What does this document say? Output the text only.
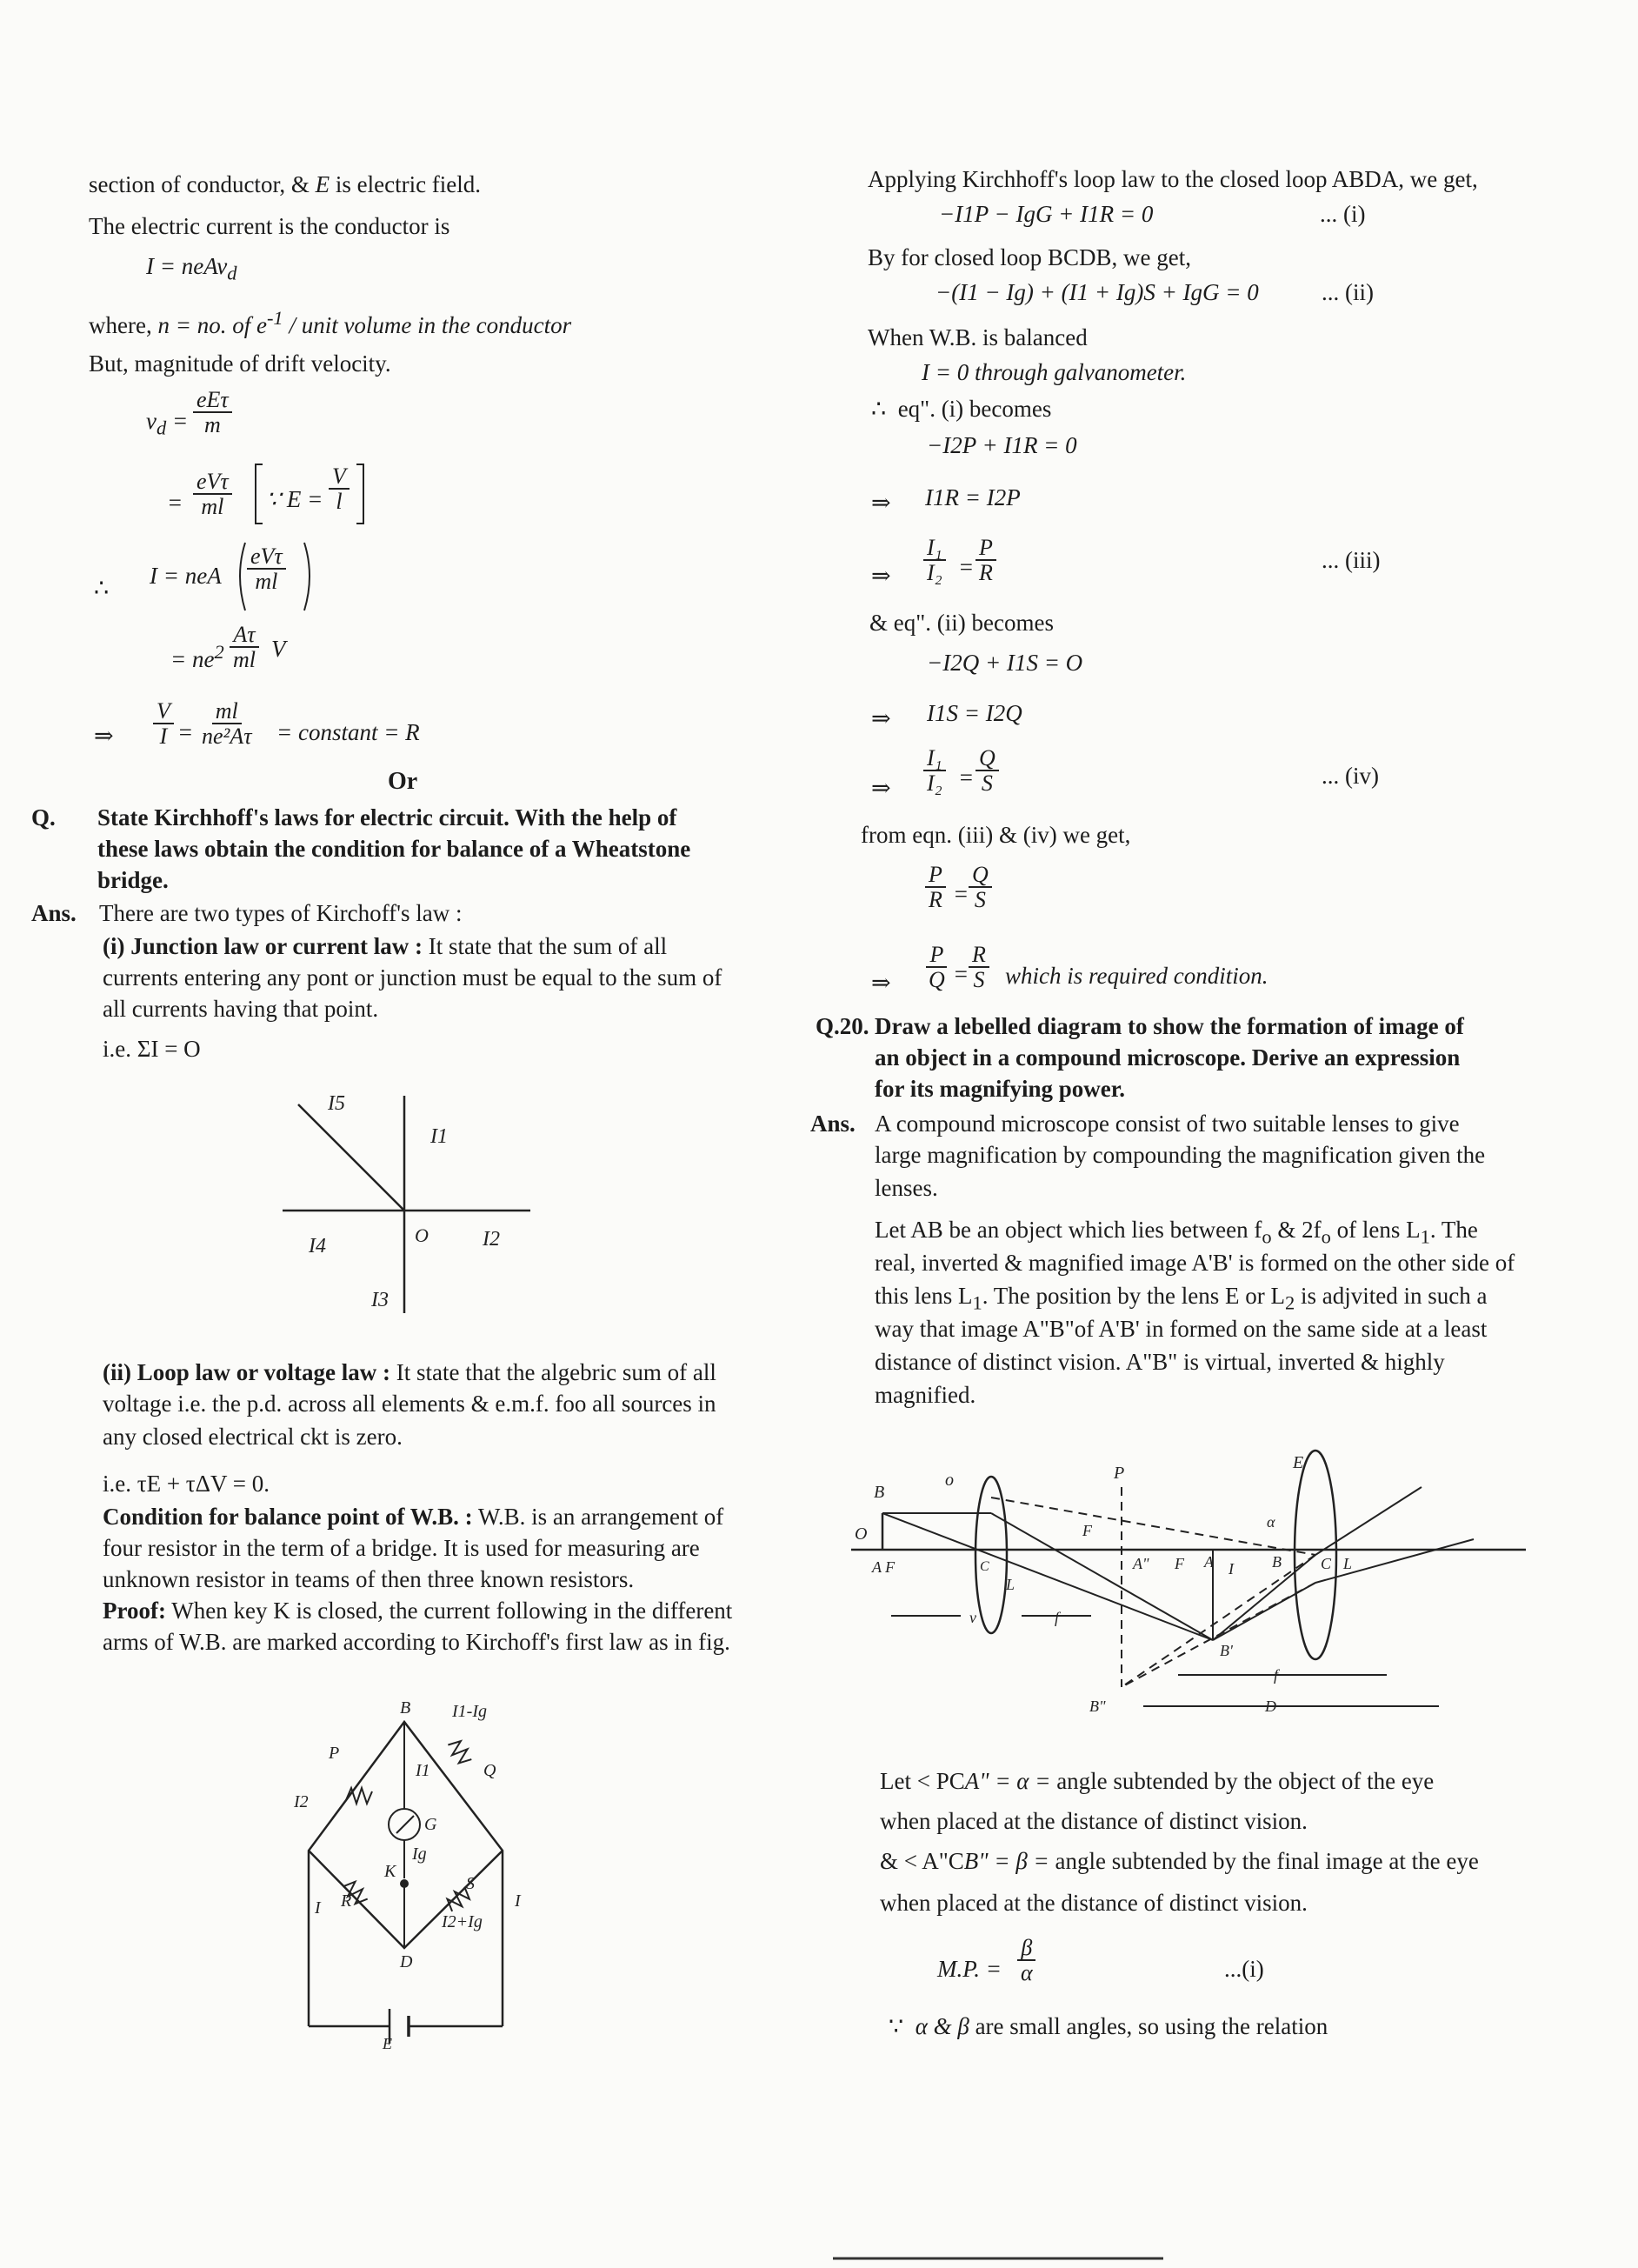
section of conductor, & E is electric field.
The electric current is the conductor is
I = neAv$_d$
where, n = no. of $e^{-1}$ / unit volume in the conductor
But, magnitude of drift velocity.
$v_d$ =
eEτ
m
=
eVτ
ml ∵ $E = \frac{V}{l}$
∴ I = neA
eVτ
ml
= $ne^2 \frac{A\tau}{ml}$ V
⇒ $\frac{V}{I} = \frac{ml}{\text{ne²Aτ}}$ = constant = R
Or
Q. State Kirchhoff's laws for electric circuit. With the help of
these laws obtain the condition for balance of a Wheatstone
bridge.
Ans. There are two types of Kirchoff's law :
(i) Junction law or current law : It state that the sum of all
currents entering any pont or junction must be equal to the sum of
all currents having that point.
i.e. ΣI = O
I5
I1
I4	O	I2
I3
(ii) Loop law or voltage law : It state that the algebric sum of all
voltage i.e. the p.d. across all elements & e.m.f. foo all sources in
any closed electrical ckt is zero.
i.e. τE + τΔV = 0.
Condition for balance point of W.B. : W.B. is an arrangement of
four resistor in the term of a bridge. It is used for measuring are
unknown resistor in teams of then three known resistors.
Proof: When key K is closed, the current following in the different
arms of W.B. are marked according to Kirchoff's first law as in fig.
B I1-Ig
P
I1	Q
I2
G
Ig
K
S
R
I	I
I2+Ig
D
E
Applying Kirchhoff's loop law to the closed loop ABDA, we get,
−I1P − IgG + I1R = 0	... (i)
By for closed loop BCDB, we get,
−(I1 − Ig) + (I1 + Ig)S + IgG = 0	... (ii)
When W.B. is balanced
I = 0 through galvanometer.
∴ eq". (i) becomes
−I2P + I1R = 0
⇒ I1R = I2P
⇒ $\frac{\text{I₁}}{\text{I₂}} = \frac{P}{R}$	... (iii)
& eq". (ii) becomes
−I2Q + I1S = O
⇒ I1S = I2Q
⇒ $\frac{\text{I₁}}{\text{I₂}} = \frac{Q}{S}$	... (iv)
from eqn. (iii) & (iv) we get,
$\frac{P}{R} = \frac{Q}{S}$
⇒ $\frac{P}{Q} = \frac{R}{S}$ which is required condition.
Q.20. Draw a lebelled diagram to show the formation of image of
an object in a compound microscope. Derive an expression
for its magnifying power.
Ans. A compound microscope consist of two suitable lenses to give
large magnification by compounding the magnification given the
lenses.
Let AB be an object which lies between $f_o$ & $2f_o$ of lens $L_1$. The
real, inverted & magnified image A'B' is formed on the other side of
this lens $L_1$. The position by the lens E or $L_2$ is adjvited in such a
way that image A"B"of A'B' in formed on the same side at a least
distance of distinct vision. A"B" is virtual, inverted & highly
magnified.
B
O
P
E
α
F
A F
o
C
L
A" F A I B	C L
v	f
B'
f
B"	D
Let < PCA" = α = angle subtended by the object of the eye
when placed at the distance of distinct vision.
& < A"CB" = β = angle subtended by the final image at the eye
when placed at the distance of distinct vision.
M.P. = $\frac{\beta}{\alpha}$	...(i)
∵ α & β are small angles, so using the relation
